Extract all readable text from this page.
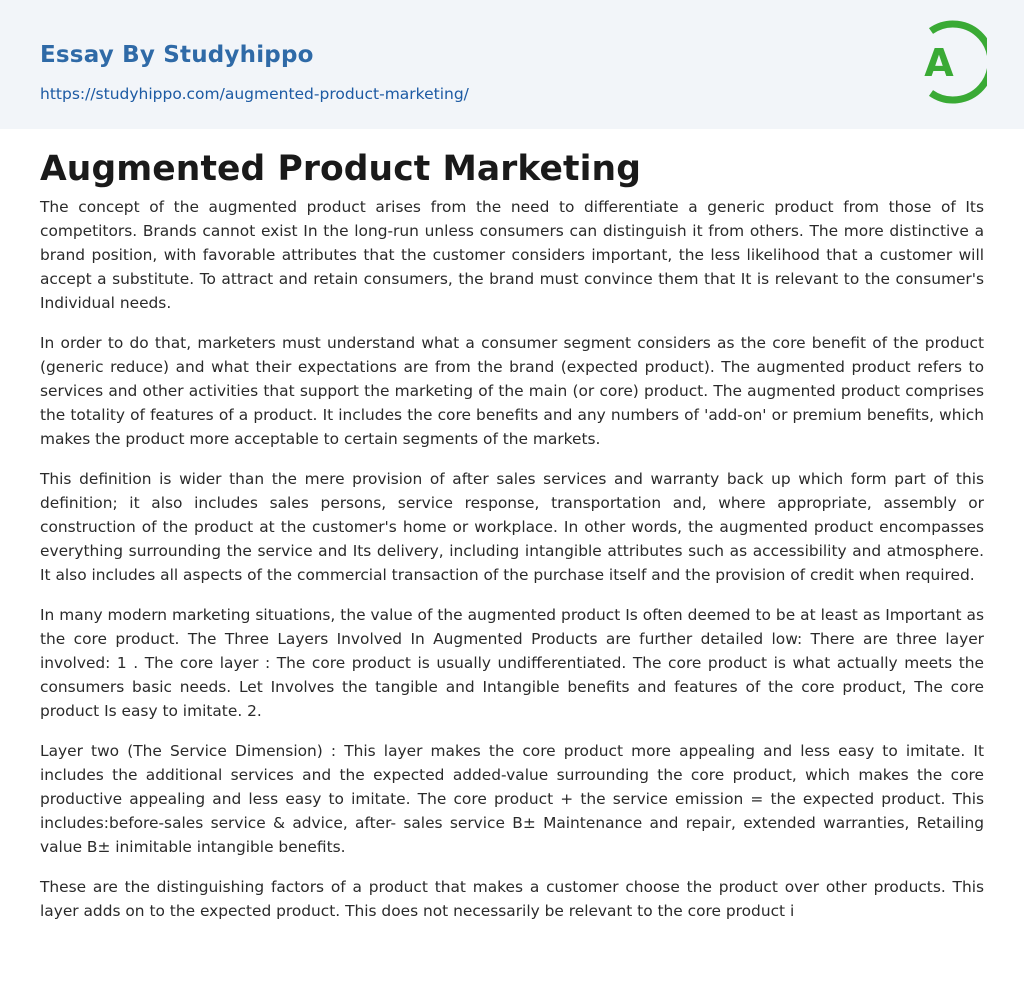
Essay By Studyhippo
https://studyhippo.com/augmented-product-marketing/
A
Augmented Product Marketing

The concept of the augmented product arises from the need to differentiate a generic product from those of Its competitors. Brands cannot exist In the long-run unless consumers can distinguish it from others. The more distinctive a brand position, with favorable attributes that the customer considers important, the less likelihood that a customer will accept a substitute. To attract and retain consumers, the brand must convince them that It is relevant to the consumer's Individual needs.

In order to do that, marketers must understand what a consumer segment considers as the core benefit of the product (generic reduce) and what their expectations are from the brand (expected product). The augmented product refers to services and other activities that support the marketing of the main (or core) product. The augmented product comprises the totality of features of a product. It includes the core benefits and any numbers of 'add-on' or premium benefits, which makes the product more acceptable to certain segments of the markets.

This definition is wider than the mere provision of after sales services and warranty back up which form part of this definition; it also includes sales persons, service response, transportation and, where appropriate, assembly or construction of the product at the customer's home or workplace. In other words, the augmented product encompasses everything surrounding the service and Its delivery, including intangible attributes such as accessibility and atmosphere. It also includes all aspects of the commercial transaction of the purchase itself and the provision of credit when required.

In many modern marketing situations, the value of the augmented product Is often deemed to be at least as Important as the core product. The Three Layers Involved In Augmented Products are further detailed low: There are three layer involved: 1 . The core layer : The core product is usually undifferentiated. The core product is what actually meets the consumers basic needs. Let Involves the tangible and Intangible benefits and features of the core product, The core product Is easy to imitate. 2.

Layer two (The Service Dimension) : This layer makes the core product more appealing and less easy to imitate. It includes the additional services and the expected added-value surrounding the core product, which makes the core productive appealing and less easy to imitate. The core product + the service emission = the expected product. This includes:before-sales service & advice, after- sales service B± Maintenance and repair, extended warranties, Retailing value B± inimitable intangible benefits.

These are the distinguishing factors of a product that makes a customer choose the product over other products. This layer adds on to the expected product. This does not necessarily be relevant to the core product i
